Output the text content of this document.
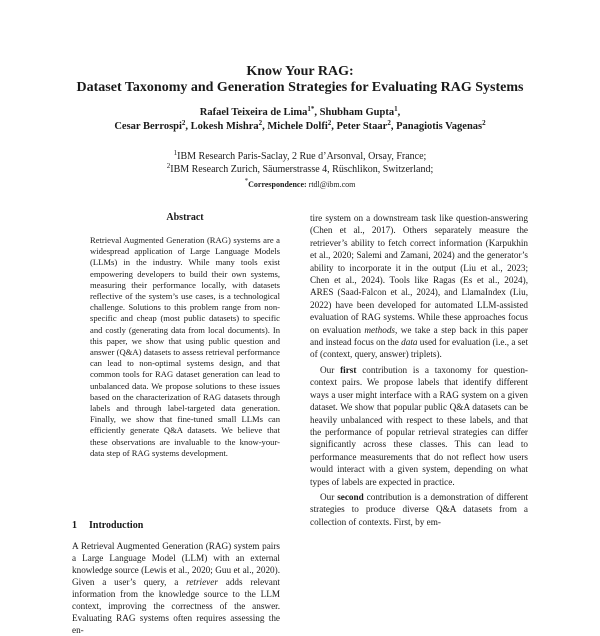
Know Your RAG:
Dataset Taxonomy and Generation Strategies for Evaluating RAG Systems
Rafael Teixeira de Lima$^{1*}$, Shubham Gupta$^1$,
Cesar Berrospi$^2$, Lokesh Mishra$^2$, Michele Dolfi$^2$, Peter Staar$^2$, Panagiotis Vagenas$^2$
$^1$IBM Research Paris-Saclay, 2 Rue d’Arsonval, Orsay, France;
$^2$IBM Research Zurich, Säumerstrasse 4, Rüschlikon, Switzerland;
*Correspondence: rtdl@ibm.com
Abstract
Retrieval Augmented Generation (RAG) systems are a widespread application of Large Language Models (LLMs) in the industry. While many tools exist empowering developers to build their own systems, measuring their performance locally, with datasets reflective of the system’s use cases, is a technological challenge. Solutions to this problem range from non-specific and cheap (most public datasets) to specific and costly (generating data from local documents). In this paper, we show that using public question and answer (Q&A) datasets to assess retrieval performance can lead to non-optimal systems design, and that common tools for RAG dataset generation can lead to unbalanced data. We propose solutions to these issues based on the characterization of RAG datasets through labels and through label-targeted data generation. Finally, we show that fine-tuned small LLMs can efficiently generate Q&A datasets. We believe that these observations are invaluable to the know-your-data step of RAG systems development.
1 Introduction
A Retrieval Augmented Generation (RAG) system pairs a Large Language Model (LLM) with an external knowledge source (Lewis et al., 2020; Guu et al., 2020). Given a user’s query, a retriever adds relevant information from the knowledge source to the LLM context, improving the correctness of the answer. Evaluating RAG systems often requires assessing the en-

tire system on a downstream task like question-answering (Chen et al., 2017). Others separately measure the retriever’s ability to fetch correct information (Karpukhin et al., 2020; Salemi and Zamani, 2024) and the generator’s ability to incorporate it in the output (Liu et al., 2023; Chen et al., 2024). Tools like Ragas (Es et al., 2024), ARES (Saad-Falcon et al., 2024), and LlamaIndex (Liu, 2022) have been developed for automated LLM-assisted evaluation of RAG systems. While these approaches focus on evaluation methods, we take a step back in this paper and instead focus on the data used for evaluation (i.e., a set of (context, query, answer) triplets).

Our first contribution is a taxonomy for question-context pairs. We propose labels that identify different ways a user might interface with a RAG system on a given dataset. We show that popular public Q&A datasets can be heavily unbalanced with respect to these labels, and that the performance of popular retrieval strategies can differ significantly across these classes. This can lead to performance measurements that do not reflect how users would interact with a given system, depending on what types of labels are expected in practice.

Our second contribution is a demonstration of different strategies to produce diverse Q&A datasets from a collection of contexts. First, by em-
